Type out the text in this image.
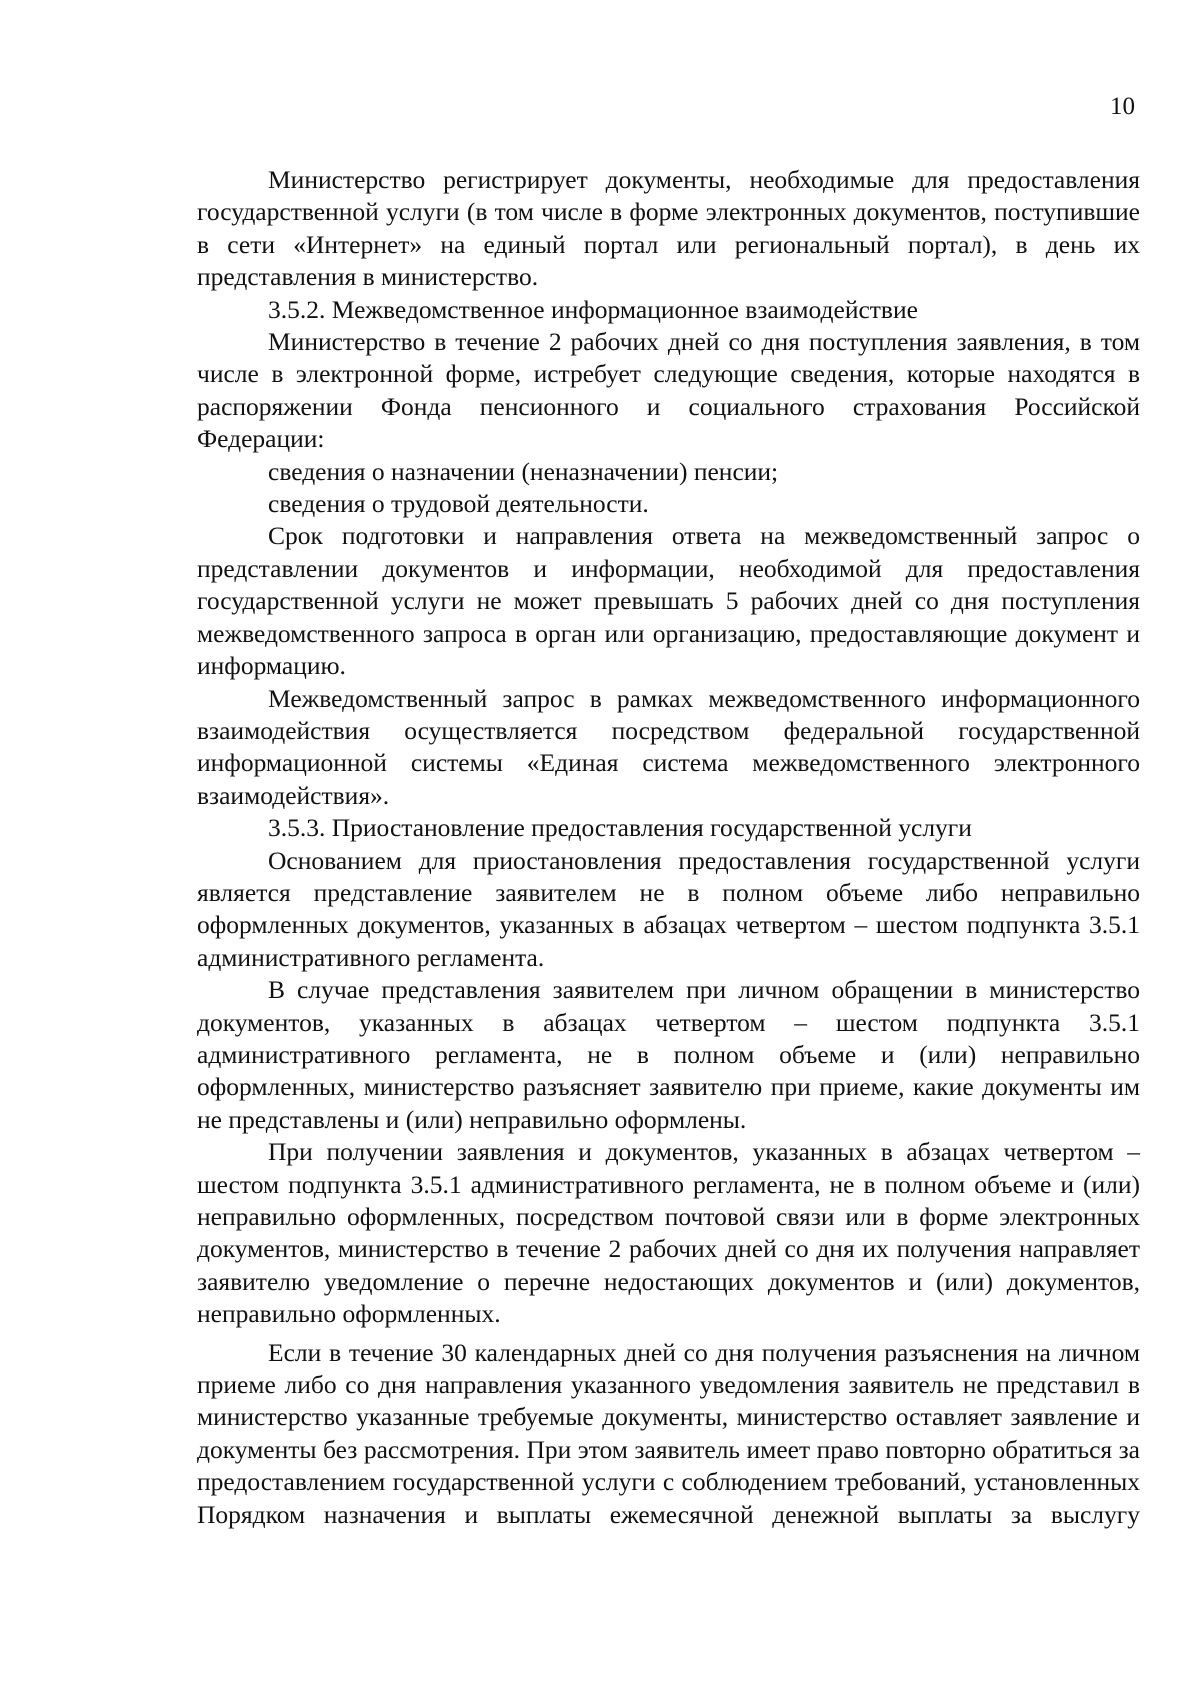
10

Министерство регистрирует документы, необходимые для предоставления государственной услуги (в том числе в форме электронных документов, поступившие в сети «Интернет» на единый портал или региональный портал), в день их представления в министерство.

3.5.2. Межведомственное информационное взаимодействие

Министерство в течение 2 рабочих дней со дня поступления заявления, в том числе в электронной форме, истребует следующие сведения, которые находятся в распоряжении Фонда пенсионного и социального страхования Российской Федерации:

сведения о назначении (неназначении) пенсии;

сведения о трудовой деятельности.

Срок подготовки и направления ответа на межведомственный запрос о представлении документов и информации, необходимой для предоставления государственной услуги не может превышать 5 рабочих дней со дня поступления межведомственного запроса в орган или организацию, предоставляющие документ и информацию.

Межведомственный запрос в рамках межведомственного информационного взаимодействия осуществляется посредством федеральной государственной информационной системы «Единая система межведомственного электронного взаимодействия».

3.5.3. Приостановление предоставления государственной услуги

Основанием для приостановления предоставления государственной услуги является представление заявителем не в полном объеме либо неправильно оформленных документов, указанных в абзацах четвертом – шестом подпункта 3.5.1 административного регламента.

В случае представления заявителем при личном обращении в министерство документов, указанных в абзацах четвертом – шестом подпункта 3.5.1 административного регламента, не в полном объеме и (или) неправильно оформленных, министерство разъясняет заявителю при приеме, какие документы им не представлены и (или) неправильно оформлены.

При получении заявления и документов, указанных в абзацах четвертом – шестом подпункта 3.5.1 административного регламента, не в полном объеме и (или) неправильно оформленных, посредством почтовой связи или в форме электронных документов, министерство в течение 2 рабочих дней со дня их получения направляет заявителю уведомление о перечне недостающих документов и (или) документов, неправильно оформленных.

Если в течение 30 календарных дней со дня получения разъяснения на личном приеме либо со дня направления указанного уведомления заявитель не представил в министерство указанные требуемые документы, министерство оставляет заявление и документы без рассмотрения. При этом заявитель имеет право повторно обратиться за предоставлением государственной услуги с соблюдением требований, установленных Порядком назначения и выплаты ежемесячной денежной выплаты за выслугу
